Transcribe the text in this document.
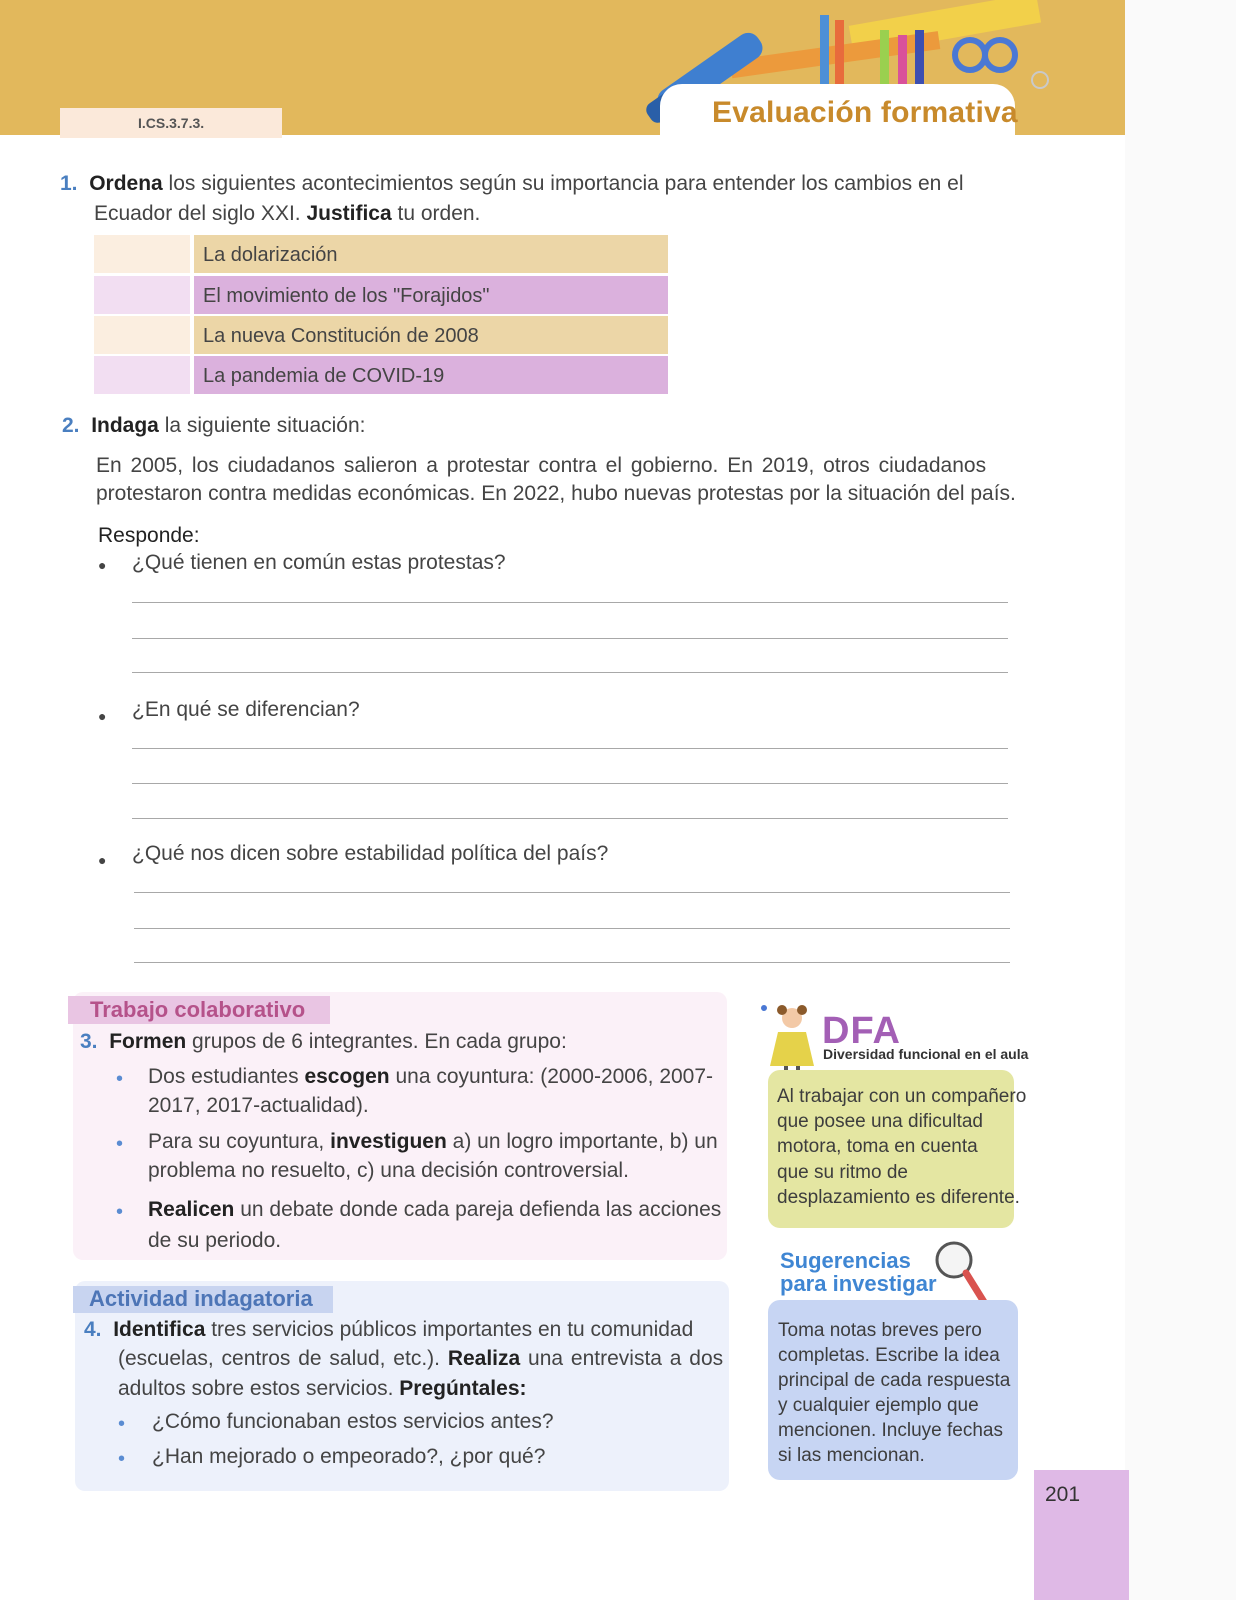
I.CS.3.7.3.	Evaluación formativa
1. Ordena los siguientes acontecimientos según su importancia para entender los cambios en el
Ecuador del siglo XXI. Justifica tu orden.
La dolarización
El movimiento de los "Forajidos"
La nueva Constitución de 2008
La pandemia de COVID-19
2. Indaga la siguiente situación:
En 2005, los ciudadanos salieron a protestar contra el gobierno. En 2019, otros ciudadanos
protestaron contra medidas económicas. En 2022, hubo nuevas protestas por la situación del país.
Responde:
● ¿Qué tienen en común estas protestas?
● ¿En qué se diferencian?
● ¿Qué nos dicen sobre estabilidad política del país?
Trabajo colaborativo
3. Formen grupos de 6 integrantes. En cada grupo:
• Dos estudiantes escogen una coyuntura: (2000-2006, 2007-
2017, 2017-actualidad).
• Para su coyuntura, investiguen a) un logro importante, b) un
problema no resuelto, c) una decisión controversial.
• Realicen un debate donde cada pareja defienda las acciones
de su periodo.
Actividad indagatoria
4. Identifica tres servicios públicos importantes en tu comunidad
(escuelas, centros de salud, etc.). Realiza una entrevista a dos
adultos sobre estos servicios. Pregúntales:
• ¿Cómo funcionaban estos servicios antes?
• ¿Han mejorado o empeorado?, ¿por qué?
DFA
Diversidad funcional en el aula
Al trabajar con un compañero
que posee una dificultad
motora, toma en cuenta
que su ritmo de
desplazamiento es diferente.
Sugerencias
para investigar
Toma notas breves pero
completas. Escribe la idea
principal de cada respuesta
y cualquier ejemplo que
mencionen. Incluye fechas
si las mencionan.
201
